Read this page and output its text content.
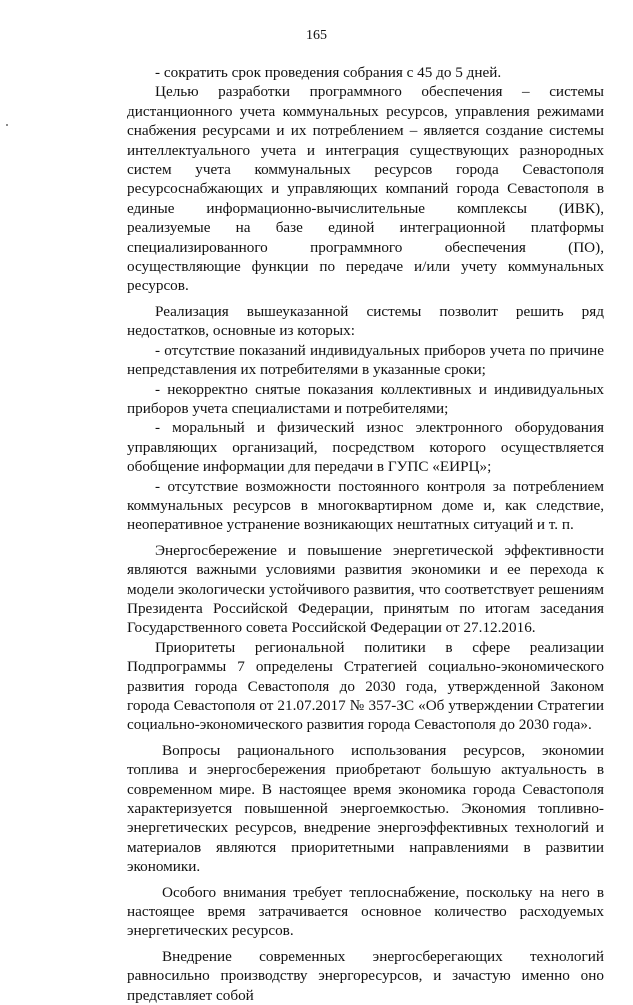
165

- сократить срок проведения собрания с 45 до 5 дней.

Целью разработки программного обеспечения – системы дистанционного учета коммунальных ресурсов, управления режимами снабжения ресурсами и их потреблением – является создание системы интеллектуального учета и интеграция существующих разнородных систем учета коммунальных ресурсов города Севастополя ресурсоснабжающих и управляющих компаний города Севастополя в единые информационно-вычислительные комплексы (ИВК), реализуемые на базе единой интеграционной платформы специализированного программного обеспечения (ПО), осуществляющие функции по передаче и/или учету коммунальных ресурсов.

Реализация вышеуказанной системы позволит решить ряд недостатков, основные из которых:

- отсутствие показаний индивидуальных приборов учета по причине непредставления их потребителями в указанные сроки;

- некорректно снятые показания коллективных и индивидуальных приборов учета специалистами и потребителями;

- моральный и физический износ электронного оборудования управляющих организаций, посредством которого осуществляется обобщение информации для передачи в ГУПС «ЕИРЦ»;

- отсутствие возможности постоянного контроля за потреблением коммунальных ресурсов в многоквартирном доме и, как следствие, неоперативное устранение возникающих нештатных ситуаций и т. п.

Энергосбережение и повышение энергетической эффективности являются важными условиями развития экономики и ее перехода к модели экологически устойчивого развития, что соответствует решениям Президента Российской Федерации, принятым по итогам заседания Государственного совета Российской Федерации от 27.12.2016.

Приоритеты региональной политики в сфере реализации Подпрограммы 7 определены Стратегией социально-экономического развития города Севастополя до 2030 года, утвержденной Законом города Севастополя от 21.07.2017 № 357-ЗС «Об утверждении Стратегии социально-экономического развития города Севастополя до 2030 года».

Вопросы рационального использования ресурсов, экономии топлива и энергосбережения приобретают большую актуальность в современном мире. В настоящее время экономика города Севастополя характеризуется повышенной энергоемкостью. Экономия топливно-энергетических ресурсов, внедрение энергоэффективных технологий и материалов являются приоритетными направлениями в развитии экономики.

Особого внимания требует теплоснабжение, поскольку на него в настоящее время затрачивается основное количество расходуемых энергетических ресурсов.

Внедрение современных энергосберегающих технологий равносильно производству энергоресурсов, и зачастую именно оно представляет собой
